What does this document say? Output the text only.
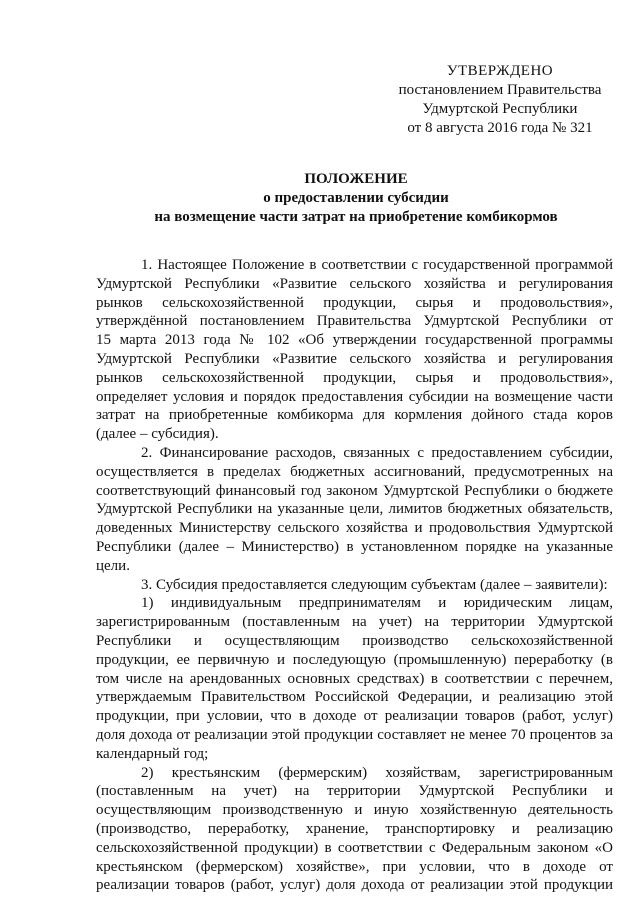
УТВЕРЖДЕНО
постановлением Правительства
Удмуртской Республики
от 8 августа 2016 года № 321
ПОЛОЖЕНИЕ
о предоставлении субсидии
на возмещение части затрат на приобретение комбикормов
1. Настоящее Положение в соответствии с государственной программой
Удмуртской Республики «Развитие сельского хозяйства и регулирования
рынков сельскохозяйственной продукции, сырья и продовольствия»,
утверждённой постановлением Правительства Удмуртской Республики от
15 марта 2013 года № 102 «Об утверждении государственной программы
Удмуртской Республики «Развитие сельского хозяйства и регулирования
рынков сельскохозяйственной продукции, сырья и продовольствия»,
определяет условия и порядок предоставления субсидии на возмещение части
затрат на приобретенные комбикорма для кормления дойного стада коров
(далее – субсидия).
2. Финансирование расходов, связанных с предоставлением субсидии,
осуществляется в пределах бюджетных ассигнований, предусмотренных на
соответствующий финансовый год законом Удмуртской Республики о бюджете
Удмуртской Республики на указанные цели, лимитов бюджетных обязательств,
доведенных Министерству сельского хозяйства и продовольствия Удмуртской
Республики (далее – Министерство) в установленном порядке на указанные
цели.
3. Субсидия предоставляется следующим субъектам (далее – заявители):
1) индивидуальным предпринимателям и юридическим лицам,
зарегистрированным (поставленным на учет) на территории Удмуртской
Республики и осуществляющим производство сельскохозяйственной
продукции, ее первичную и последующую (промышленную) переработку (в
том числе на арендованных основных средствах) в соответствии с перечнем,
утверждаемым Правительством Российской Федерации, и реализацию этой
продукции, при условии, что в доходе от реализации товаров (работ, услуг)
доля дохода от реализации этой продукции составляет не менее 70 процентов за
календарный год;
2) крестьянским (фермерским) хозяйствам, зарегистрированным
(поставленным на учет) на территории Удмуртской Республики и
осуществляющим производственную и иную хозяйственную деятельность
(производство, переработку, хранение, транспортировку и реализацию
сельскохозяйственной продукции) в соответствии с Федеральным законом «О
крестьянском (фермерском) хозяйстве», при условии, что в доходе от
реализации товаров (работ, услуг) доля дохода от реализации этой продукции
